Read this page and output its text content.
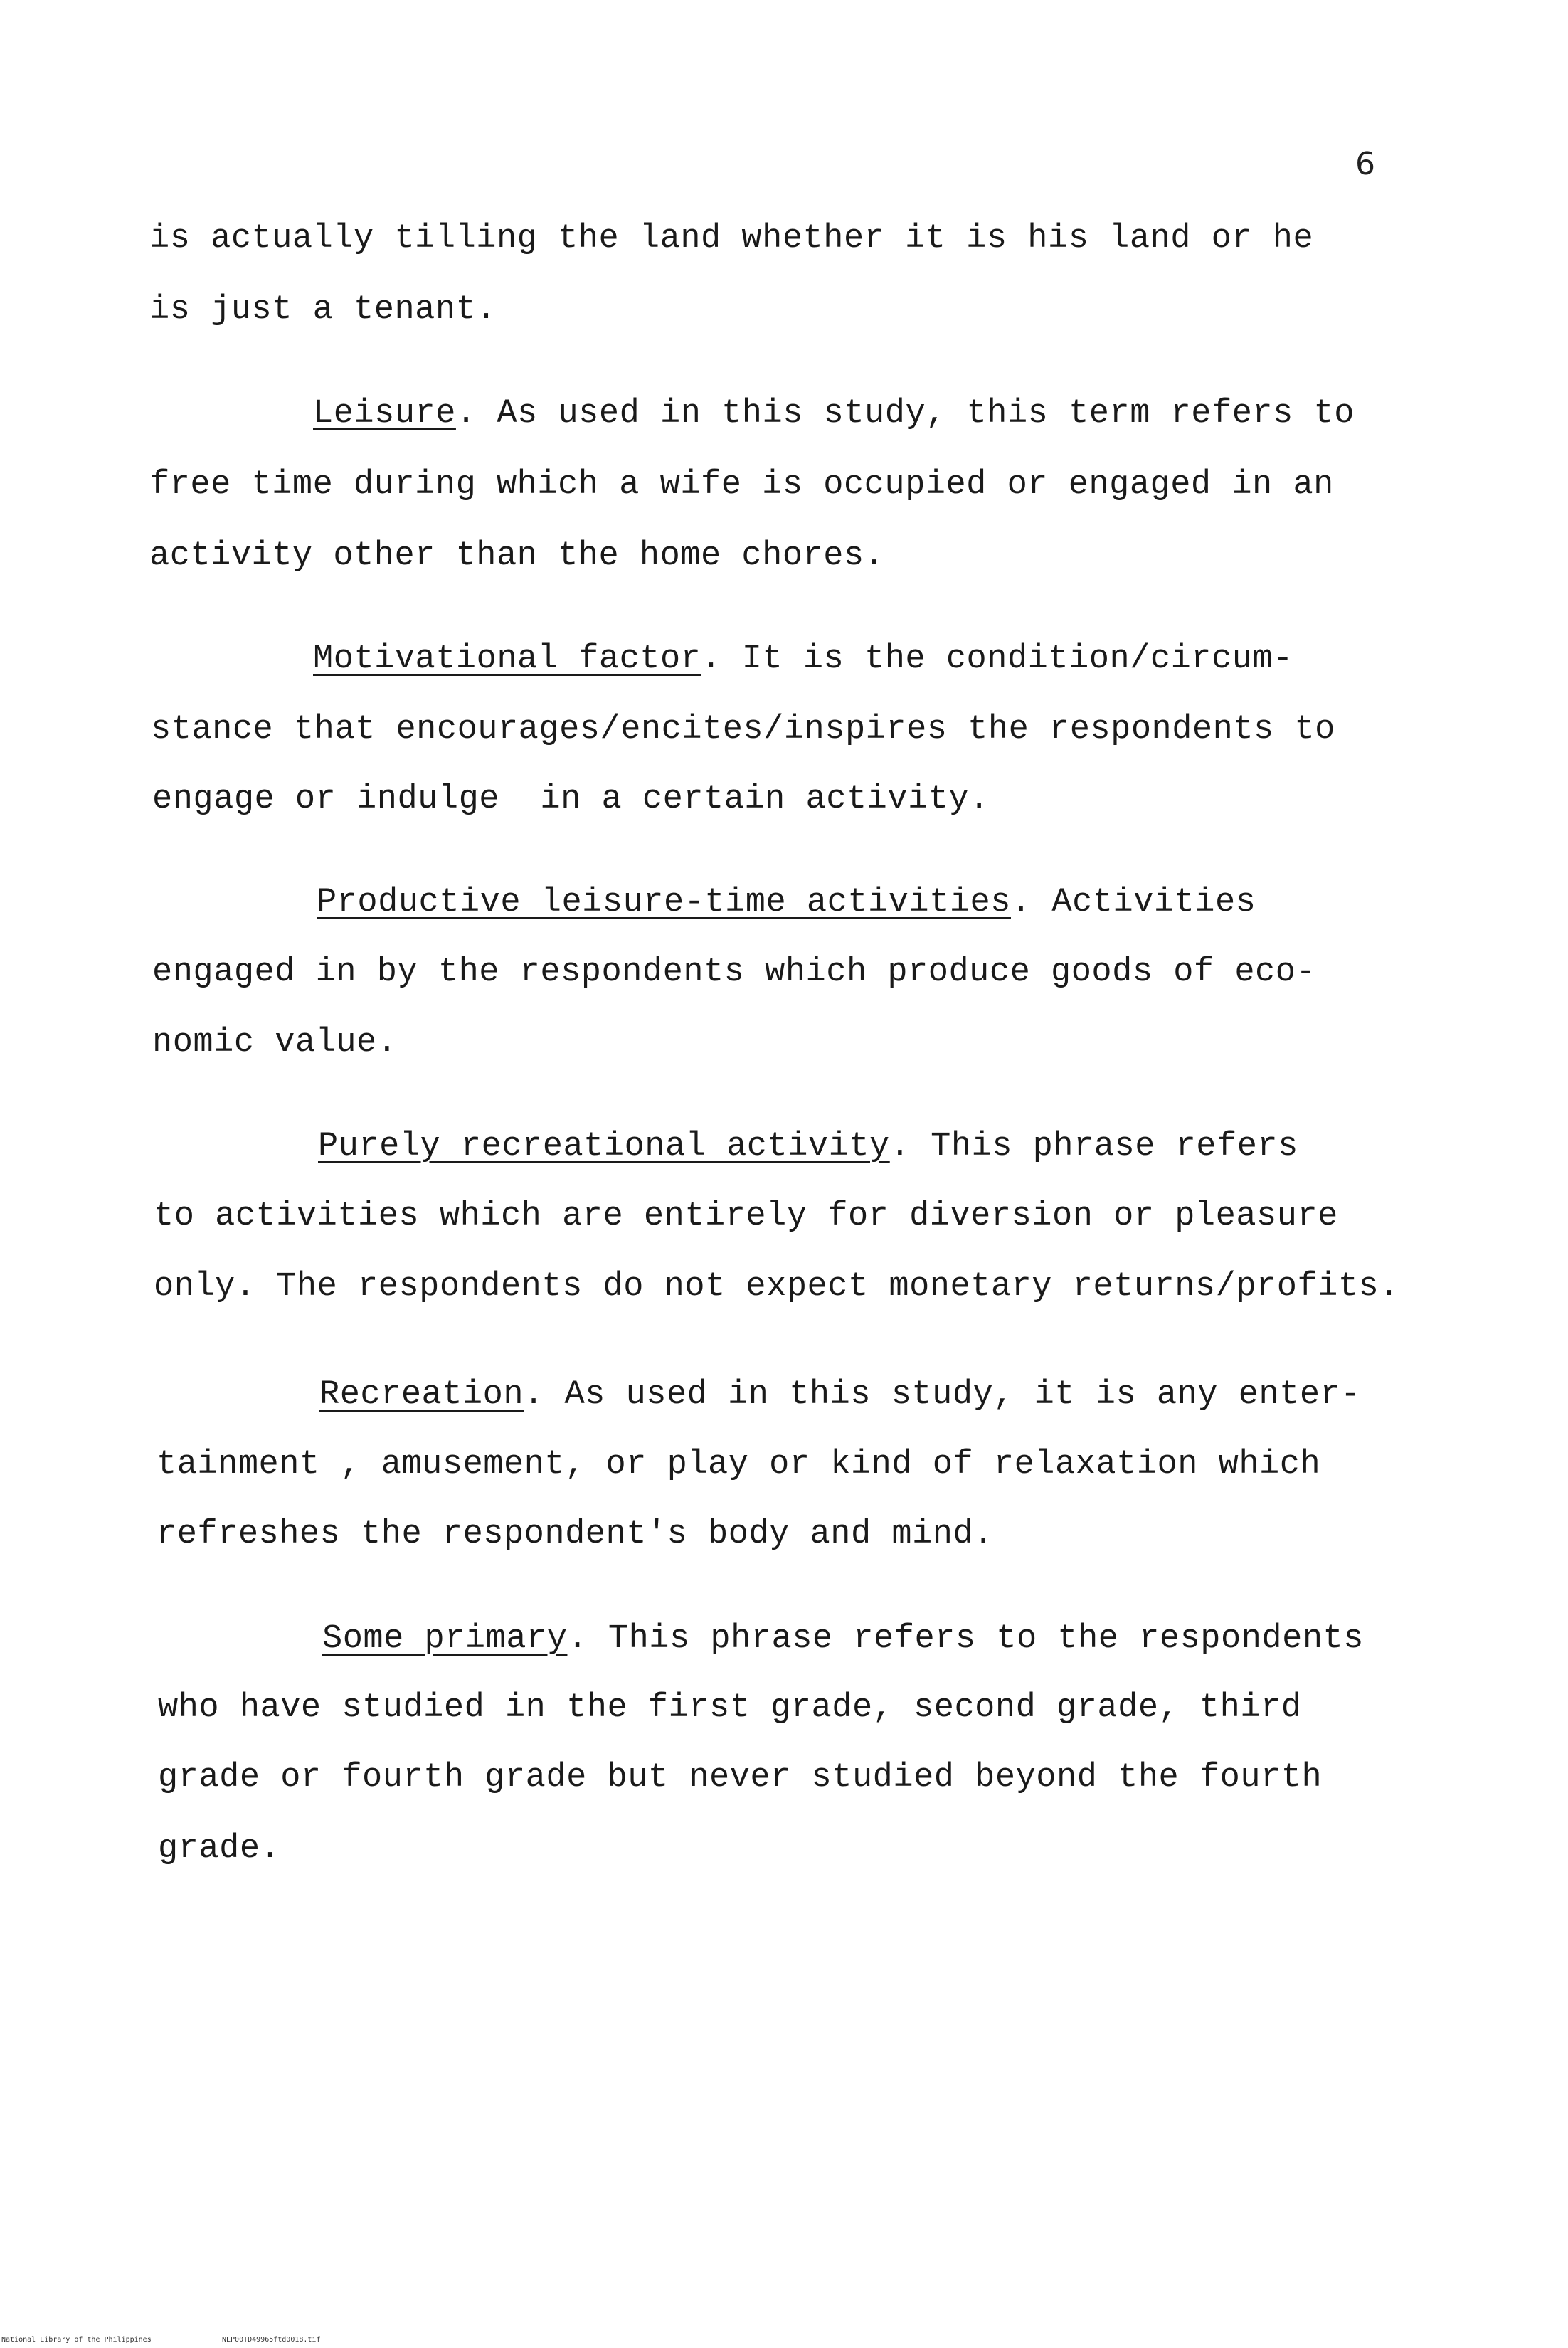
6
is actually tilling the land whether it is his land or he
is just a tenant.
Leisure. As used in this study, this term refers to
free time during which a wife is occupied or engaged in an
activity other than the home chores.
Motivational factor. It is the condition/circum-
stance that encourages/encites/inspires the respondents to
engage or indulge  in a certain activity.
Productive leisure-time activities. Activities
engaged in by the respondents which produce goods of eco-
nomic value.
Purely recreational activity. This phrase refers
to activities which are entirely for diversion or pleasure
only. The respondents do not expect monetary returns/profits.
Recreation. As used in this study, it is any enter-
tainment , amusement, or play or kind of relaxation which
refreshes the respondent's body and mind.
Some primary. This phrase refers to the respondents
who have studied in the first grade, second grade, third
grade or fourth grade but never studied beyond the fourth
grade.
National Library of the Philippines	NLP00TD49965ftd0018.tif
